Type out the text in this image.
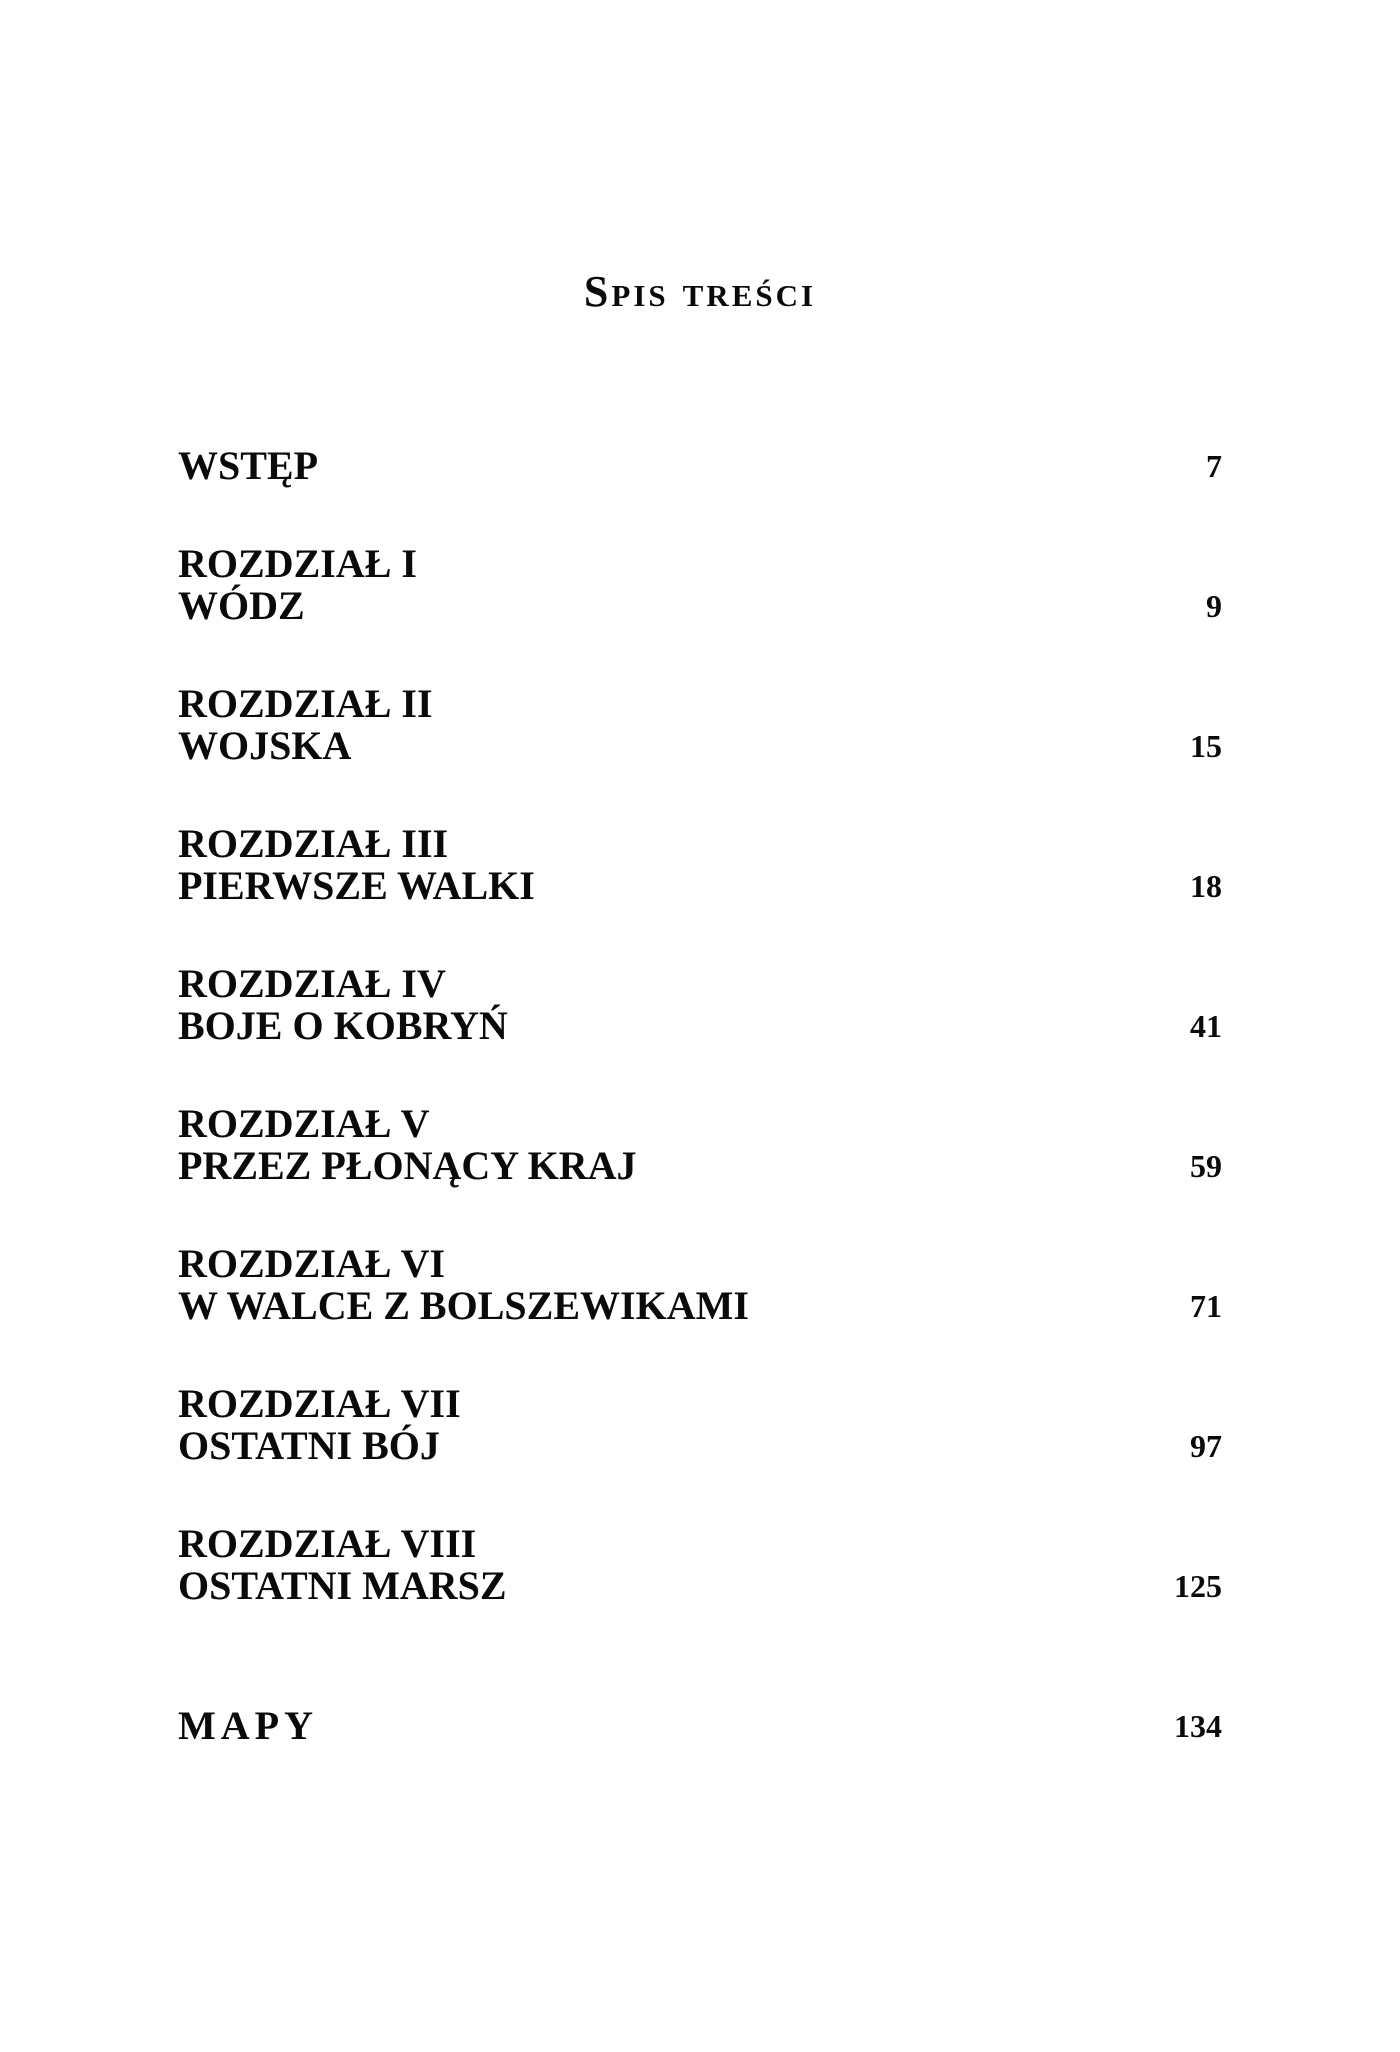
Spis treści
WSTĘP	7
ROZDZIAŁ I
WÓDZ	9
ROZDZIAŁ II
WOJSKA	15
ROZDZIAŁ III
PIERWSZE WALKI	18
ROZDZIAŁ IV
BOJE O KOBRYŃ	41
ROZDZIAŁ V
PRZEZ PŁONĄCY KRAJ	59
ROZDZIAŁ VI
W WALCE Z BOLSZEWIKAMI	71
ROZDZIAŁ VII
OSTATNI BÓJ	97
ROZDZIAŁ VIII
OSTATNI MARSZ	125
MAPY	134
